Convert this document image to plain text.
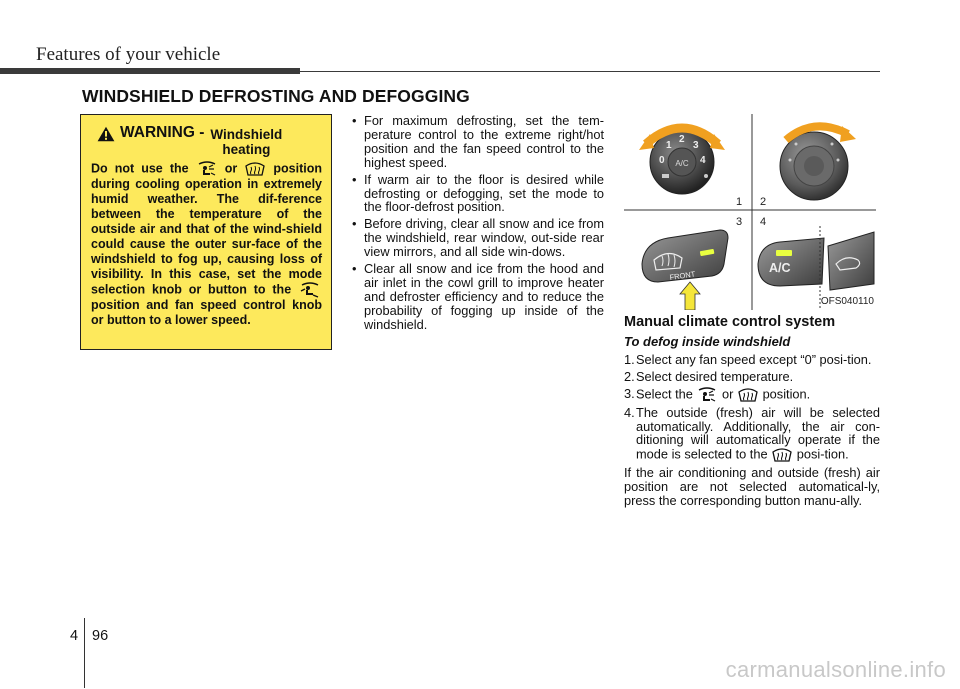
Features of your vehicle
WINDSHIELD DEFROSTING AND DEFOGGING
WARNING - Windshield
heating
Do not use the	or	position during cooling operation in extremely humid weather. The dif-ference between the temperature of the outside air and that of the wind-shield could cause the outer sur-face of the windshield to fog up, causing loss of visibility. In this case, set the mode selection knob or button to the  position and fan speed control knob or button to a lower speed.
• For maximum defrosting, set the tem-perature control to the extreme right/hot position and the fan speed control to the highest speed.
• If warm air to the floor is desired while defrosting or defogging, set the mode to the floor-defrost position.
• Before driving, clear all snow and ice from the windshield, rear window, out-side rear view mirrors, and all side win-dows.
• Clear all snow and ice from the hood and air inlet in the cowl grill to improve heater and defroster efficiency and to reduce the probability of fogging up inside of the windshield.
A/C
0
1
2
3
4
1 2
3 4
FRONT
A/C
OFS040110
Manual climate control system
To defog inside windshield
1. Select any fan speed except “0” posi-tion.
2. Select desired temperature.
3. Select the or position.
4. The outside (fresh) air will be selected automatically. Additionally, the air con-ditioning will automatically operate if the mode is selected to the posi-tion.
If the air conditioning and outside (fresh) air position are not selected automatical-ly, press the corresponding button manu-ally.
4 96
carmanualsonline.info
